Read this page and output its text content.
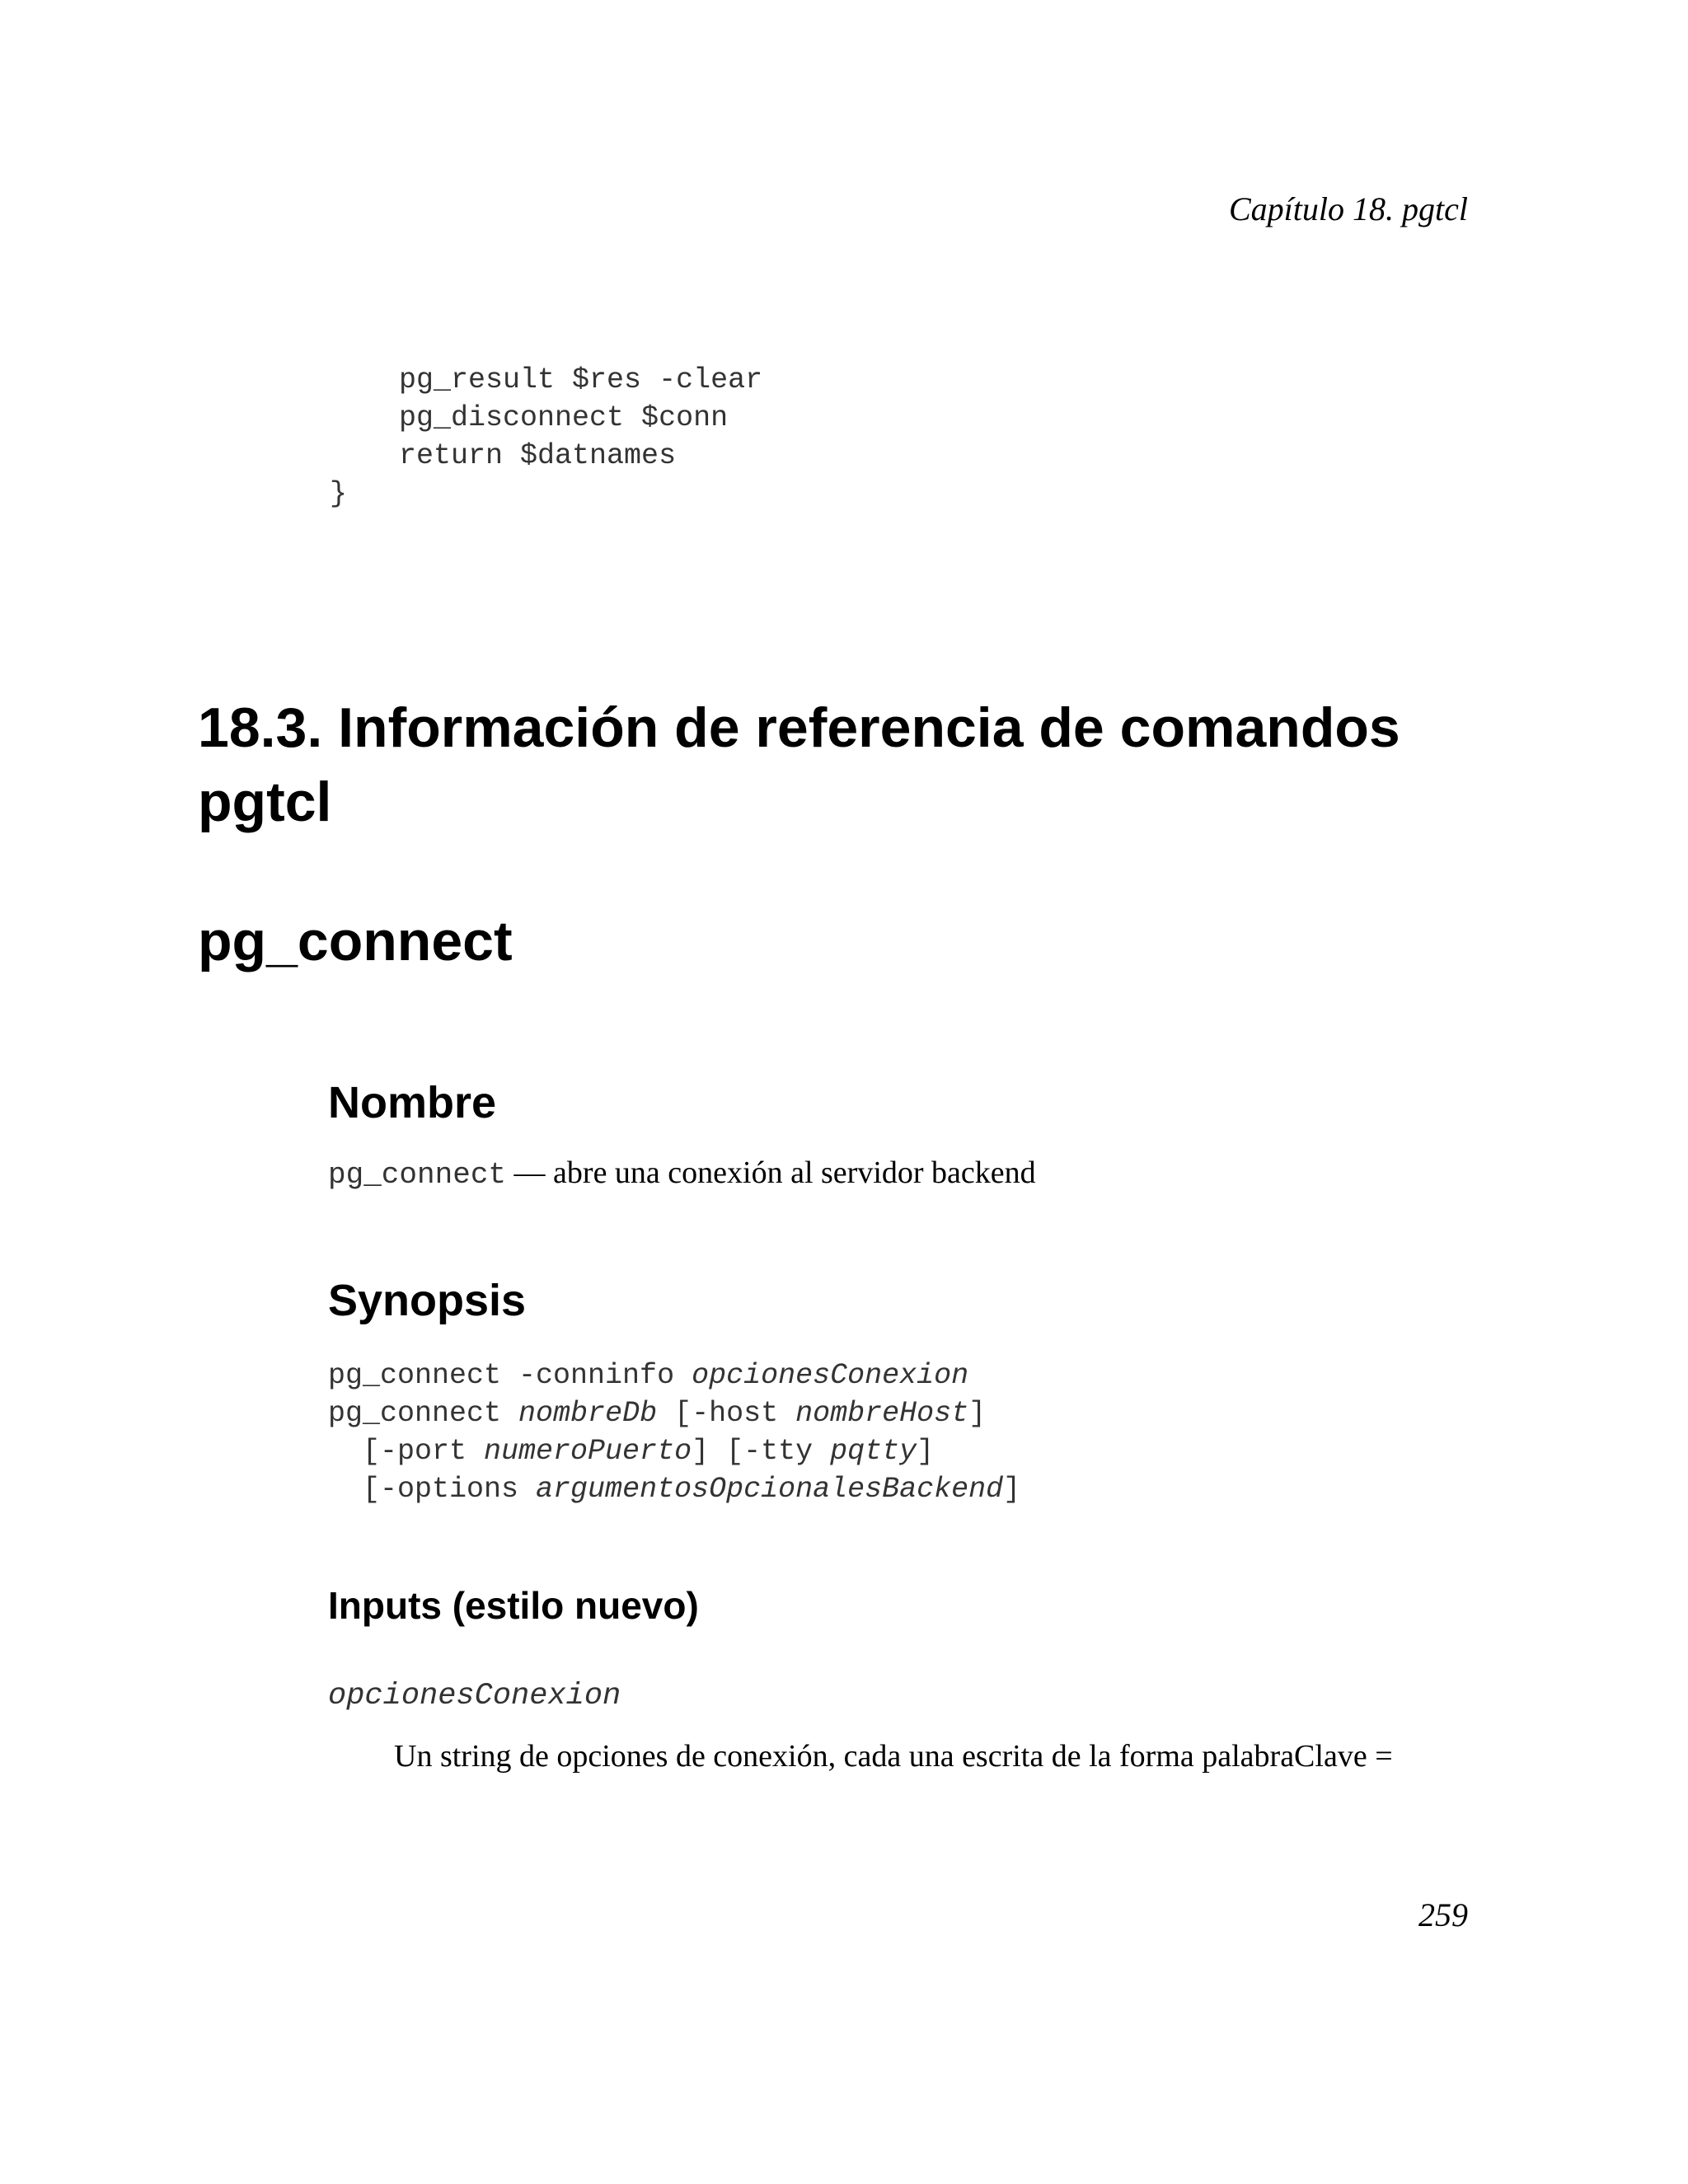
Capítulo 18. pgtcl
pg_result $res -clear
pg_disconnect $conn
return $datnames
}
18.3. Información de referencia de comandos pgtcl
pg_connect
Nombre
pg_connect — abre una conexión al servidor backend
Synopsis
pg_connect -conninfo opcionesConexion
pg_connect nombreDb [-host nombreHost]
[-port numeroPuerto] [-tty pqtty]
[-options argumentosOpcionalesBackend]
Inputs (estilo nuevo)
opcionesConexion

Un string de opciones de conexión, cada una escrita de la forma palabraClave =

259
